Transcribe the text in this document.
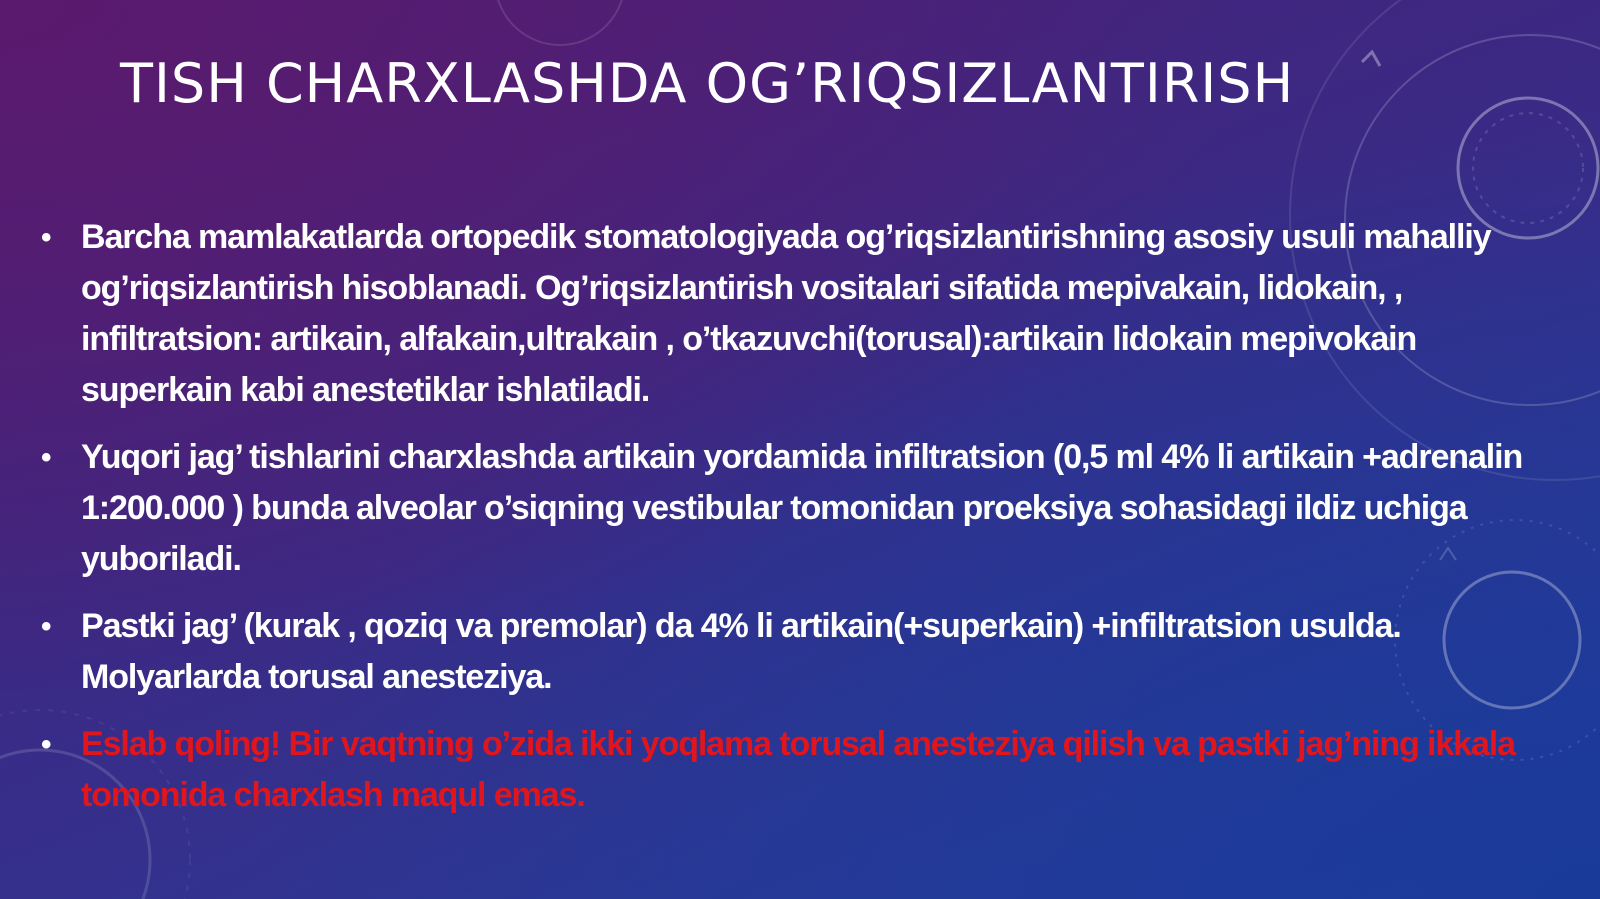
TISH CHARXLASHDA OG’RIQSIZLANTIRISH
• Barcha mamlakatlarda ortopedik stomatologiyada og’riqsizlantirishning asosiy usuli mahalliy og’riqsizlantirish hisoblanadi. Og’riqsizlantirish vositalari sifatida mepivakain, lidokain, , infiltratsion: artikain, alfakain,ultrakain , o’tkazuvchi(torusal):artikain lidokain mepivokain superkain kabi anestetiklar ishlatiladi.
• Yuqori jag’ tishlarini charxlashda artikain yordamida infiltratsion (0,5 ml 4% li artikain +adrenalin 1:200.000 ) bunda alveolar o’siqning vestibular tomonidan proeksiya sohasidagi ildiz uchiga yuboriladi.
• Pastki jag’ (kurak , qoziq va premolar) da 4% li artikain(+superkain) +infiltratsion usulda. Molyarlarda torusal anesteziya.
• Eslab qoling! Bir vaqtning o’zida ikki yoqlama torusal anesteziya qilish va pastki jag’ning ikkala tomonida charxlash maqul emas.
